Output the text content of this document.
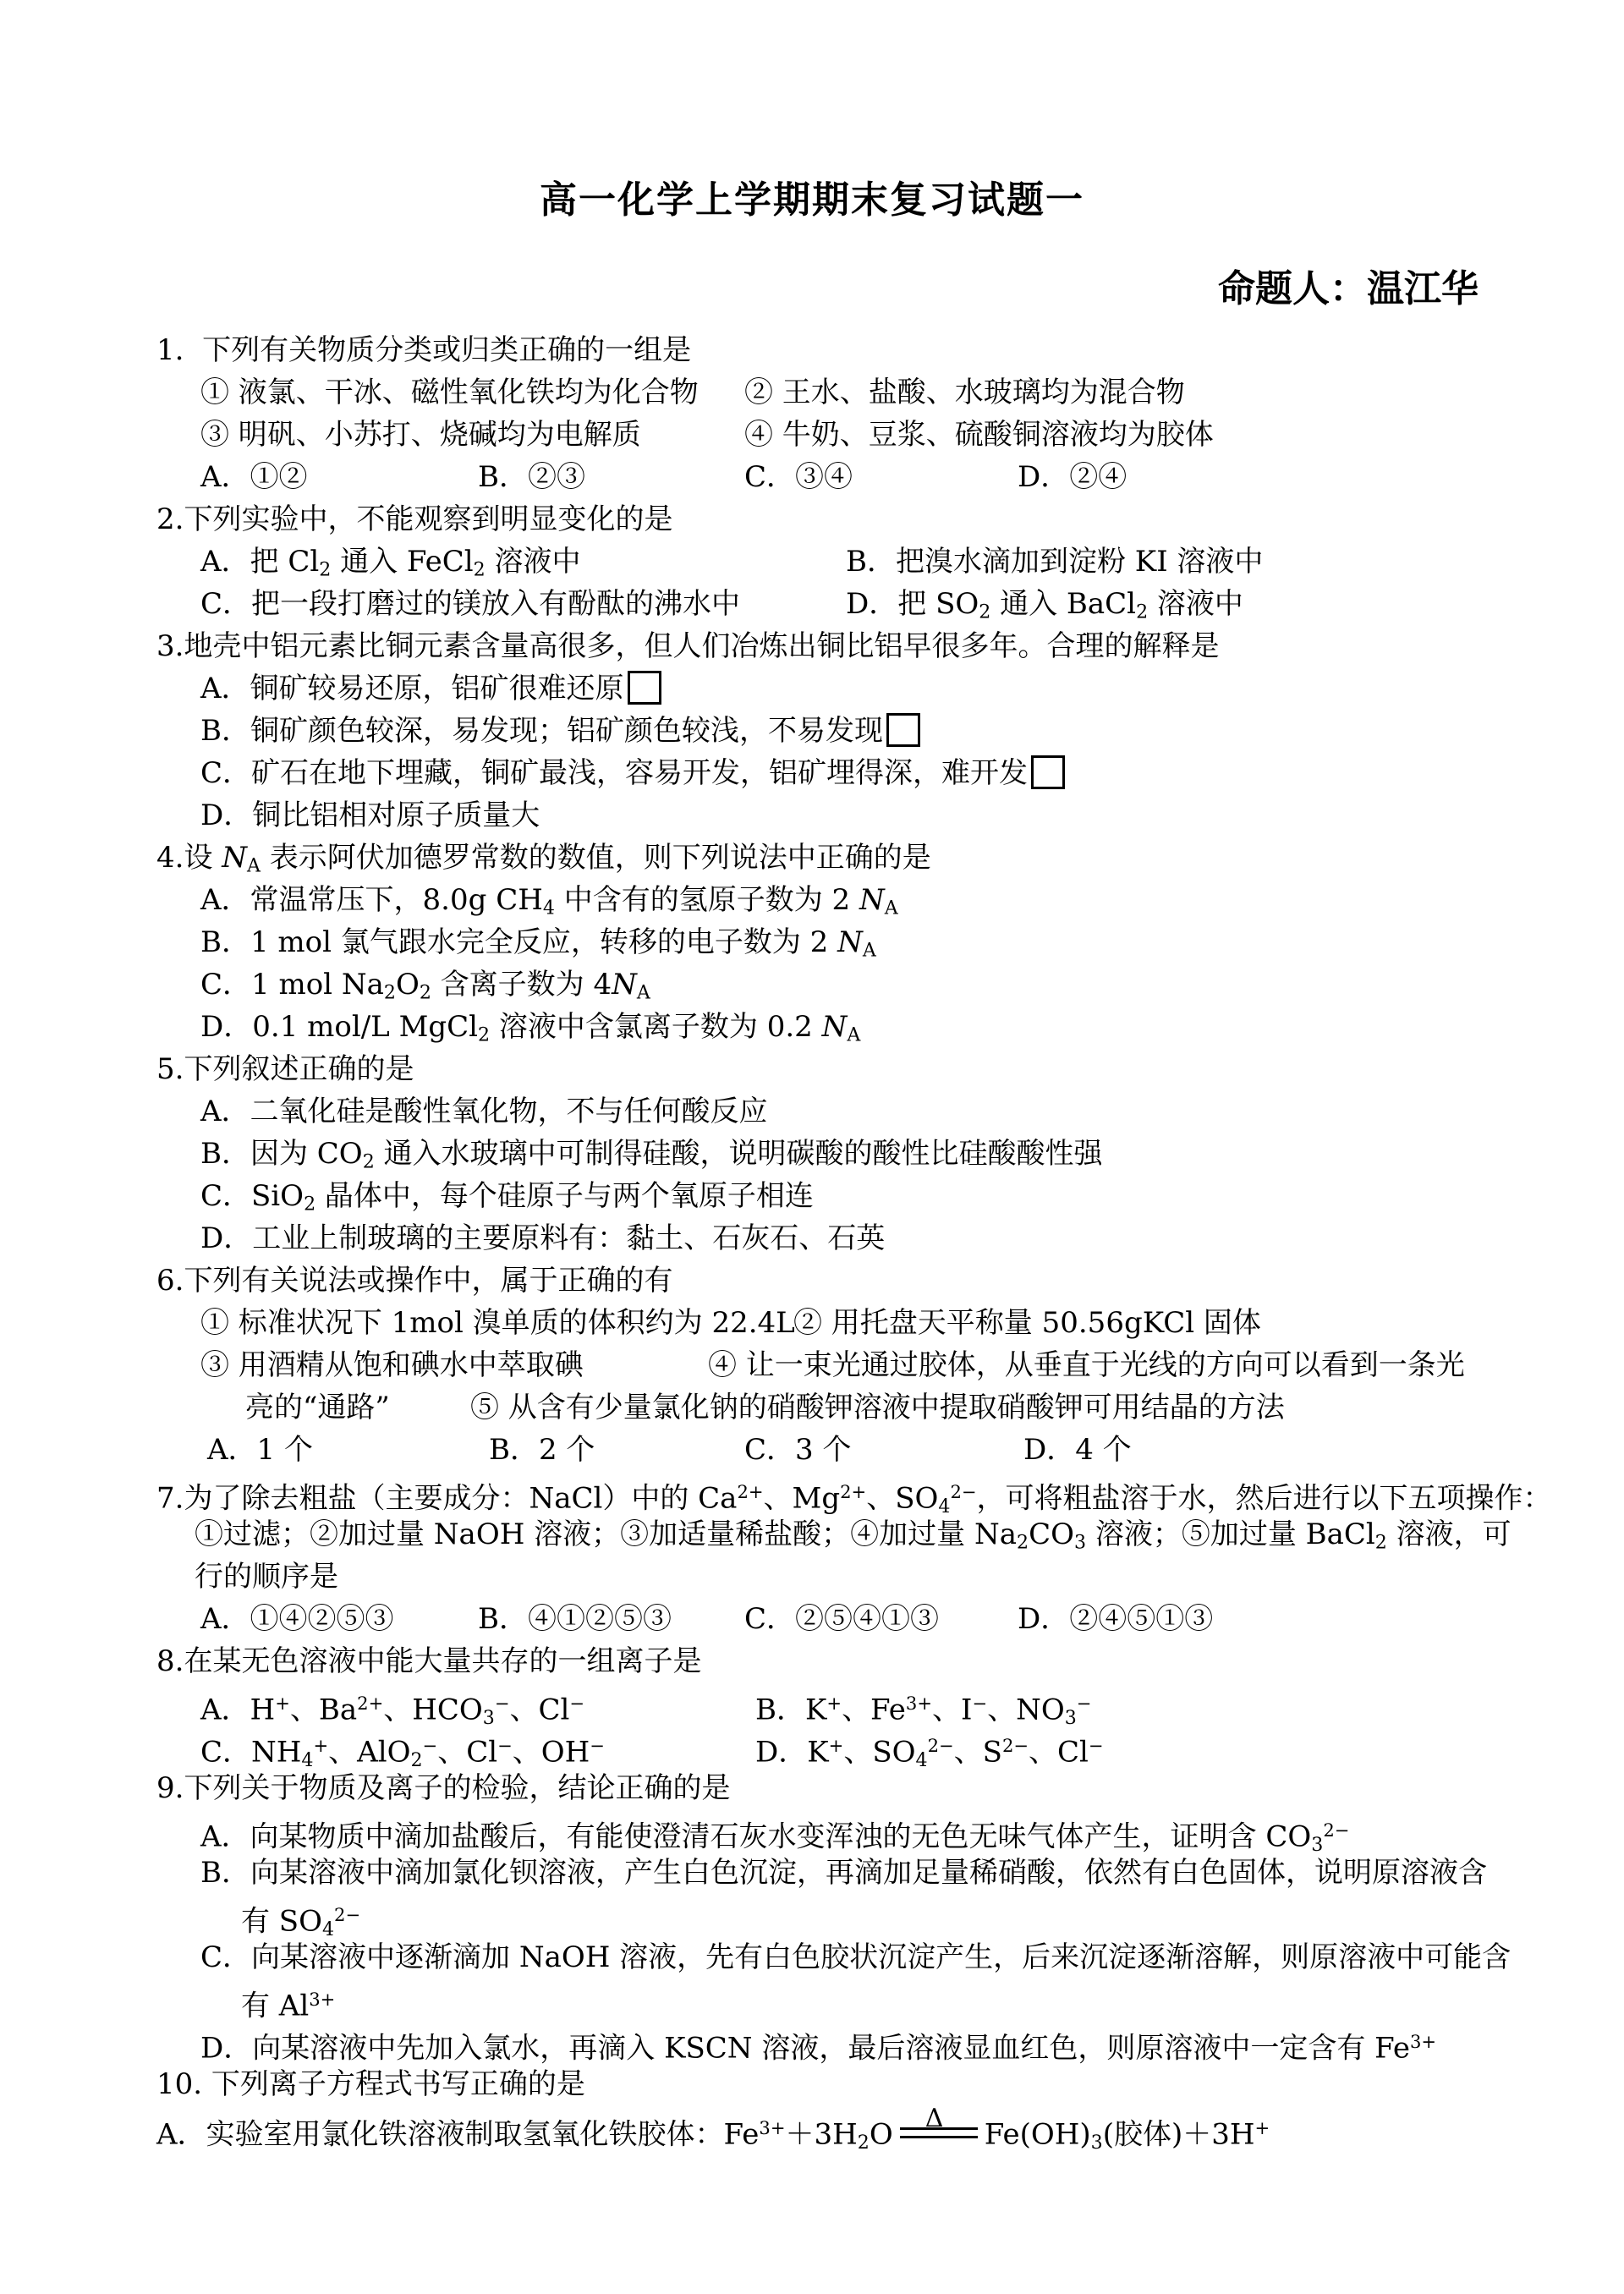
高一化学上学期期末复习试题一
命题人：温江华
1. 下列有关物质分类或归类正确的一组是
① 液氯、干冰、磁性氧化铁均为化合物 ② 王水、盐酸、水玻璃均为混合物
③ 明矾、小苏打、烧碱均为电解质	④ 牛奶、豆浆、硫酸铜溶液均为胶体
A．①②	B．②③	C．③④	D．②④
2.下列实验中，不能观察到明显变化的是
A．把 $Cl_2$ 通入 FeCl$_2$ 溶液中	B．把溴水滴加到淀粉 KI 溶液中
C．把一段打磨过的镁放入有酚酞的沸水中	D．把 $SO_2$ 通入 BaCl$_2$ 溶液中
3.地壳中铝元素比铜元素含量高很多，但人们冶炼出铜比铝早很多年。合理的解释是
A．铜矿较易还原，铝矿很难还原
B．铜矿颜色较深，易发现；铝矿颜色较浅，不易发现
C．矿石在地下埋藏，铜矿最浅，容易开发，铝矿埋得深，难开发
D．铜比铝相对原子质量大
4.设 $N_A$ 表示阿伏加德罗常数的数值，则下列说法中正确的是
A．常温常压下，8.0g $CH_4$ 中含有的氢原子数为 2 $N_A$
B．1 mol 氯气跟水完全反应，转移的电子数为 2 $N_A$
C．1 mol $Na_2O_2$ 含离子数为 $4N_A$
D．0.1 mol/L MgCl$_2$ 溶液中含氯离子数为 0.2 $N_A$
5.下列叙述正确的是
A．二氧化硅是酸性氧化物，不与任何酸反应
B．因为 $CO_2$ 通入水玻璃中可制得硅酸，说明碳酸的酸性比硅酸酸性强
C．SiO$_2$ 晶体中，每个硅原子与两个氧原子相连
D．工业上制玻璃的主要原料有：黏土、石灰石、石英
6.下列有关说法或操作中，属于正确的有
① 标准状况下 1mol 溴单质的体积约为 22.4L
② 用托盘天平称量 50.56gKCl 固体
③ 用酒精从饱和碘水中萃取碘	④ 让一束光通过胶体，从垂直于光线的方向可以看到一条光
亮的“通路”	⑤ 从含有少量氯化钠的硝酸钾溶液中提取硝酸钾可用结晶的方法
A．1 个	B．2 个	C．3 个	D．4 个
7.为了除去粗盐（主要成分：NaCl）中的 $Ca^{2+}$、$Mg^{2+}$、$SO_4^{2-}$，可将粗盐溶于水，然后进行以下五项操作：
①过滤；②加过量 NaOH 溶液；③加适量稀盐酸；④加过量 $Na_2CO_3$ 溶液；⑤加过量 BaCl$_2$ 溶液，可
行的顺序是
A．①④②⑤③	B．④①②⑤③	C．②⑤④①③	D．②④⑤①③
8.在某无色溶液中能大量共存的一组离子是
A．H+、$Ba^{2+}$、$HCO_3^-$、Cl−	B．K+、$Fe^{3+}$、I−、$NO_3^-$
C．$NH_4^+$、AlO$_2$−、Cl−、OH−	D．K+、$SO_4^{2-}$、$S^{2-}$、Cl−
9.下列关于物质及离子的检验，结论正确的是
A．向某物质中滴加盐酸后，有能使澄清石灰水变浑浊的无色无味气体产生，证明含 $CO_3^{2-}$
B．向某溶液中滴加氯化钡溶液，产生白色沉淀，再滴加足量稀硝酸，依然有白色固体，说明原溶液含
有 $SO_4^{2-}$
C．向某溶液中逐渐滴加 NaOH 溶液，先有白色胶状沉淀产生，后来沉淀逐渐溶解，则原溶液中可能含
有 $Al^{3+}$
D．向某溶液中先加入氯水，再滴入 KSCN 溶液，最后溶液显血红色，则原溶液中一定含有 $Fe^{3+}$
10. 下列离子方程式书写正确的是
A．实验室用氯化铁溶液制取氢氧化铁胶体：$Fe^{3+}+3H_2O$ Δ $Fe(OH)_3$(胶体)＋3H+
